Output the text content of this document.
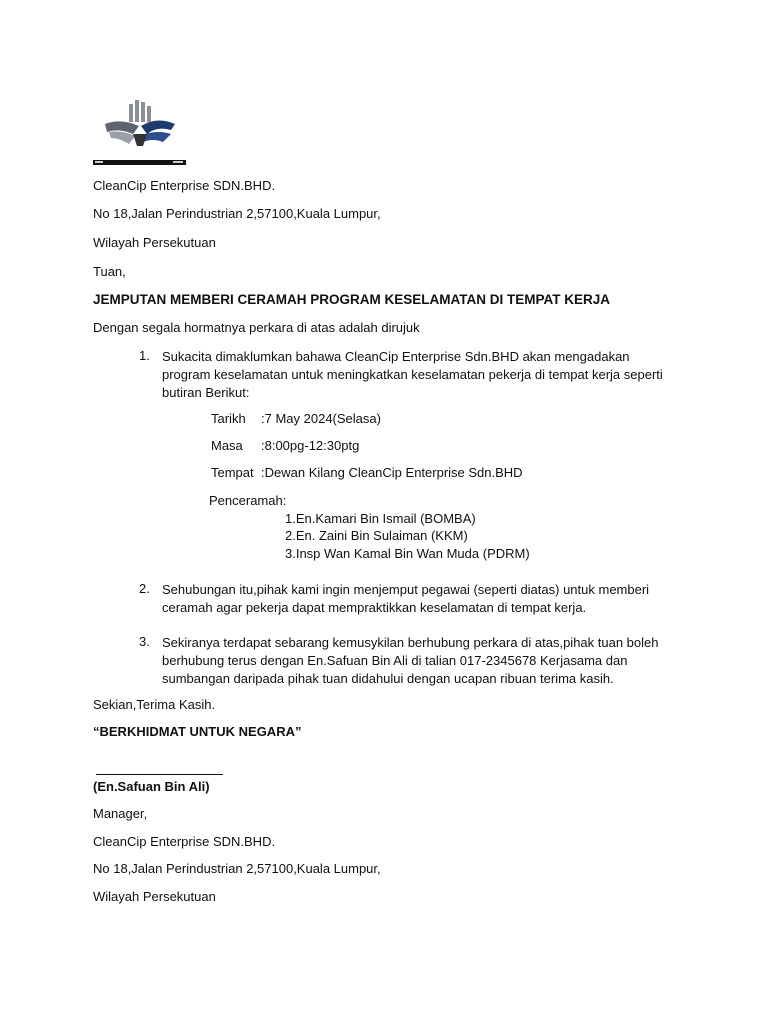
CleanCip Enterprise SDN.BHD.
No 18,Jalan Perindustrian 2,57100,Kuala Lumpur,
Wilayah Persekutuan
Tuan,
JEMPUTAN MEMBERI CERAMAH PROGRAM KESELAMATAN DI TEMPAT KERJA
Dengan segala hormatnya perkara di atas adalah dirujuk
1. Sukacita dimaklumkan bahawa CleanCip Enterprise Sdn.BHD akan mengadakan program keselamatan untuk meningkatkan keselamatan pekerja di tempat kerja seperti butiran Berikut:
Tarikh :7 May 2024(Selasa)
Masa :8:00pg-12:30ptg
Tempat :Dewan Kilang CleanCip Enterprise Sdn.BHD
Penceramah:
1.En.Kamari Bin Ismail (BOMBA)
2.En. Zaini Bin Sulaiman (KKM)
3.Insp Wan Kamal Bin Wan Muda (PDRM)
2. Sehubungan itu,pihak kami ingin menjemput pegawai (seperti diatas) untuk memberi ceramah agar pekerja dapat mempraktikkan keselamatan di tempat kerja.
3. Sekiranya terdapat sebarang kemusykilan berhubung perkara di atas,pihak tuan boleh berhubung terus dengan En.Safuan Bin Ali di talian 017-2345678 Kerjasama dan sumbangan daripada pihak tuan didahului dengan ucapan ribuan terima kasih.
Sekian,Terima Kasih.
“BERKHIDMAT UNTUK NEGARA”
(En.Safuan Bin Ali)
Manager,
CleanCip Enterprise SDN.BHD.
No 18,Jalan Perindustrian 2,57100,Kuala Lumpur,
Wilayah Persekutuan
